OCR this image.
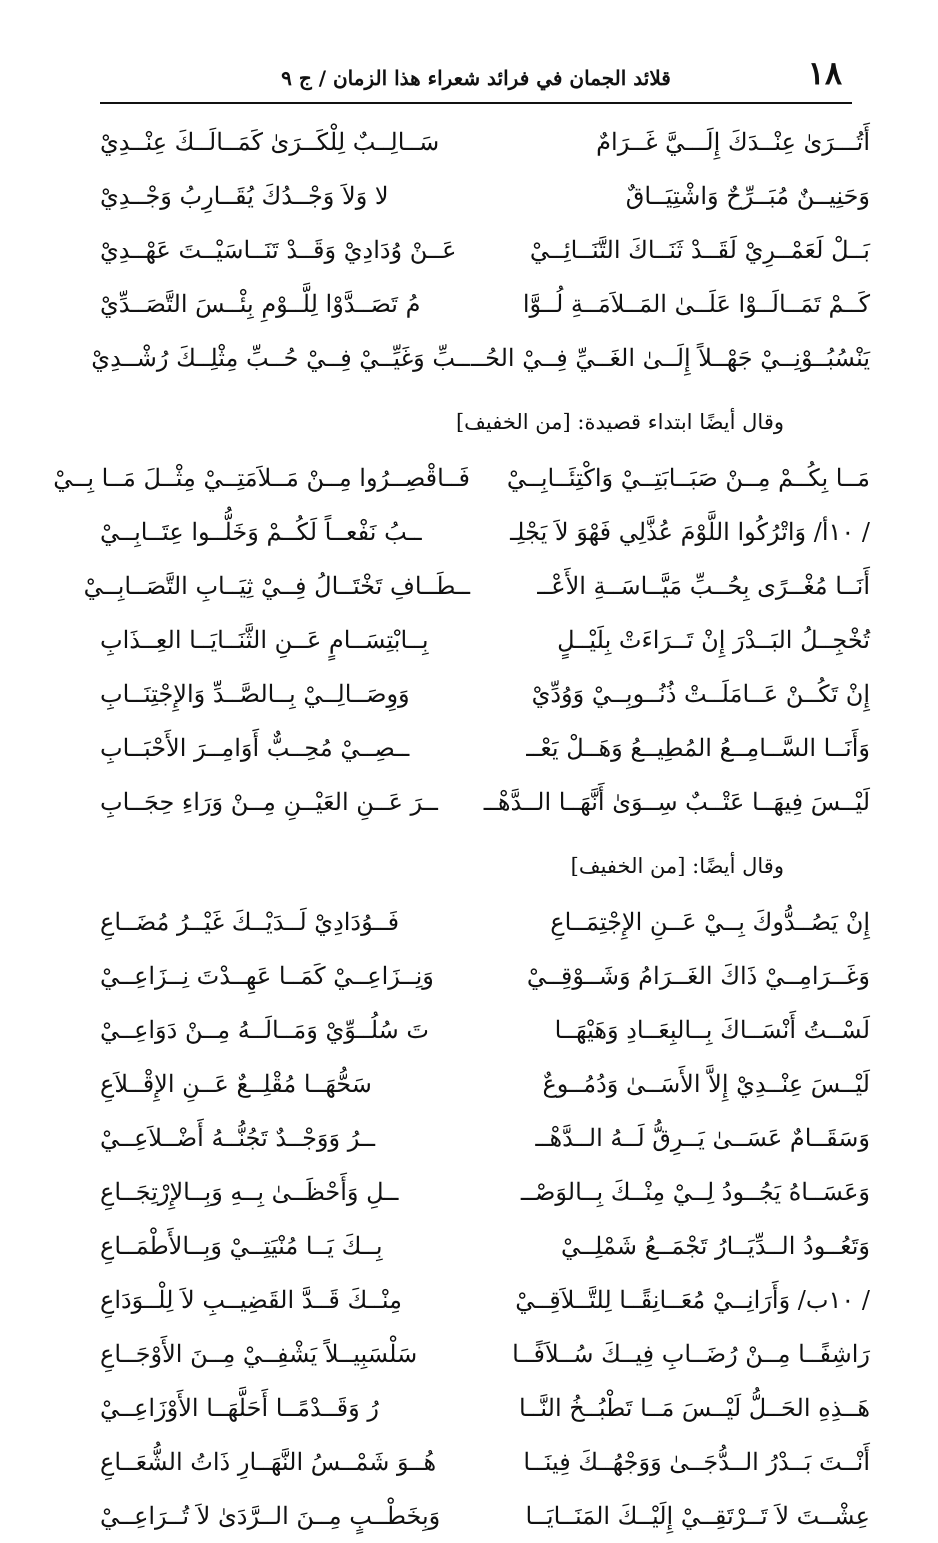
١٨
قلائد الجمان في فرائد شعراء هذا الزمان / ج ٩
أَتُـــرَىٰ عِنْــدَكَ إِلَـــيَّ غَــرَامٌ
سَــالِــبٌ لِلْكَــرَىٰ كَمَــالَــكَ عِنْــدِيْ
وَحَنِيــنٌ مُبَــرِّحٌ وَاشْتِيَــاقٌ
لا وَلاَ وَجْــدُكَ يُقَــارِبُ وَجْــدِيْ
بَــلْ لَعَمْــرِيْ لَقَــدْ ثَنَــاكَ التَّنَــائِــيْ
عَــنْ وُدَادِيْ وَقَــدْ تَنَــاسَيْــتَ عَهْــدِيْ
كَــمْ تَمَــالَــوْا عَلَــىٰ المَــلاَمَــةِ لُــوَّا
مُ تَصَــدَّوْا لِلَّــوْمِ بِئْــسَ التَّصَــدِّيْ
يَنْسُبُــوْنِــيْ جَهْــلاً إِلَــىٰ الغَــيِّ فِــيْ الحُــ
ــبِّ وَغَيِّــيْ فِــيْ حُــبِّ مِثْلِــكَ رُشْــدِيْ
وقال أيضًا ابتداء قصيدة: [من الخفيف]
مَــا بِكُــمْ مِــنْ صَبَــابَتِــيْ وَاكْتِئَــابِــيْ
فَــاقْصِــرُوا مِــنْ مَــلاَمَتِــيْ مِثْــلَ مَــا بِــيْ
/ ١٠أ/ وَاتْرُكُوا اللَّوْمَ عُذَّلِي فَهْوَ لاَ يَجْلِـ
ــبُ نَفْعــاً لَكُــمْ وَخَلُّــوا عِتَــابِــيْ
أَنَــا مُغْــرًى بِحُــبِّ مَيَّــاسَــةِ الأَعْــ
ــطَــافِ تَخْتَــالُ فِــيْ ثِيَــابِ التَّصَــابِــيْ
تُخْجِــلُ البَــدْرَ إِنْ تَــرَاءَتْ بِلَيْــلٍ
بِــابْتِسَــامٍ عَــنِ الثَّنَــايَــا العِــذَابِ
إِنْ تَكُــنْ عَــامَلَــتْ ذُنُــوبِــيْ وَوُدِّيْ
وَوِصَــالِــيْ بِــالصَّــدِّ وَالإِجْتِنَــابِ
وَأَنَــا السَّــامِــعُ المُطِيــعُ وَهَــلْ يَعْــ
ــصِــيْ مُحِــبٌّ أَوَامِــرَ الأَحْبَــابِ
لَيْــسَ فِيهَــا عَتْــبٌ سِــوَىٰ أَنَّهَــا الــدَّهْــ
ــرَ عَــنِ العَيْــنِ مِــنْ وَرَاءِ حِجَــابِ
وقال أيضًا: [من الخفيف]
إِنْ يَصُــدُّوكَ بِــيْ عَــنِ الإِجْتِمَــاعِ
فَــوُدَادِيْ لَــدَيْــكَ غَيْــرُ مُضَــاعِ
وَغَــرَامِــيْ ذَاكَ الغَــرَامُ وَشَــوْقِــيْ
وَنِــزَاعِــيْ كَمَــا عَهِــدْتَ نِــزَاعِــيْ
لَسْــتُ أَنْسَــاكَ بِــالبِعَــادِ وَهَيْهَــا
تَ سُلُــوِّيْ وَمَــالَــهُ مِــنْ دَوَاعِــيْ
لَيْــسَ عِنْــدِيْ إِلاَّ الأَسَــىٰ وَدُمُــوعٌ
سَحُّهَــا مُقْلِــعٌ عَــنِ الإِقْــلاَعِ
وَسَقَــامٌ عَسَــىٰ يَــرِقُّ لَــهُ الــدَّهْــ
ــرُ وَوَجْــدٌ تَجُنُّــهُ أَضْــلاَعِــيْ
وَعَسَــاهُ يَجُــودُ لِــيْ مِنْــكَ بِــالوَصْــ
ــلِ وَأَحْظَــىٰ بِــهِ وَبِــالإِرْتِجَــاعِ
وَتَعُــودُ الــدِّيَــارُ تَجْمَــعُ شَمْلِــيْ
بِــكَ يَــا مُنْيَتِــيْ وَبِــالأَطْمَــاعِ
/ ١٠ب/ وَأَرَانِــيْ مُعَــانِقًــا لِلتَّــلاَقِــيْ
مِنْــكَ قَــدَّ القَضِيــبِ لاَ لِلْــوَدَاعِ
رَاشِفًــا مِــنْ رُضَــابِ فِيــكَ سُــلاَفًــا
سَلْسَبِيــلاً يَشْفِــيْ مِــنَ الأَوْجَــاعِ
هَــذِهِ الحَــلُّ لَيْــسَ مَــا تَطْبُــخُ النَّــا
رُ وَقَــدْمًــا أَحَلَّهَــا الأَوْزَاعِــيْ
أَنْــتَ بَــدْرُ الــدُّجَــىٰ وَوَجْهُــكَ فِينَــا
هُــوَ شَمْــسُ النَّهَــارِ ذَاتُ الشُّعَــاعِ
عِشْــتَ لاَ تَــرْتَقِــيْ إِلَيْــكَ المَنَــايَــا
وَبِخَطْــبٍ مِــنَ الــرَّدَىٰ لاَ تُــرَاعِــيْ
